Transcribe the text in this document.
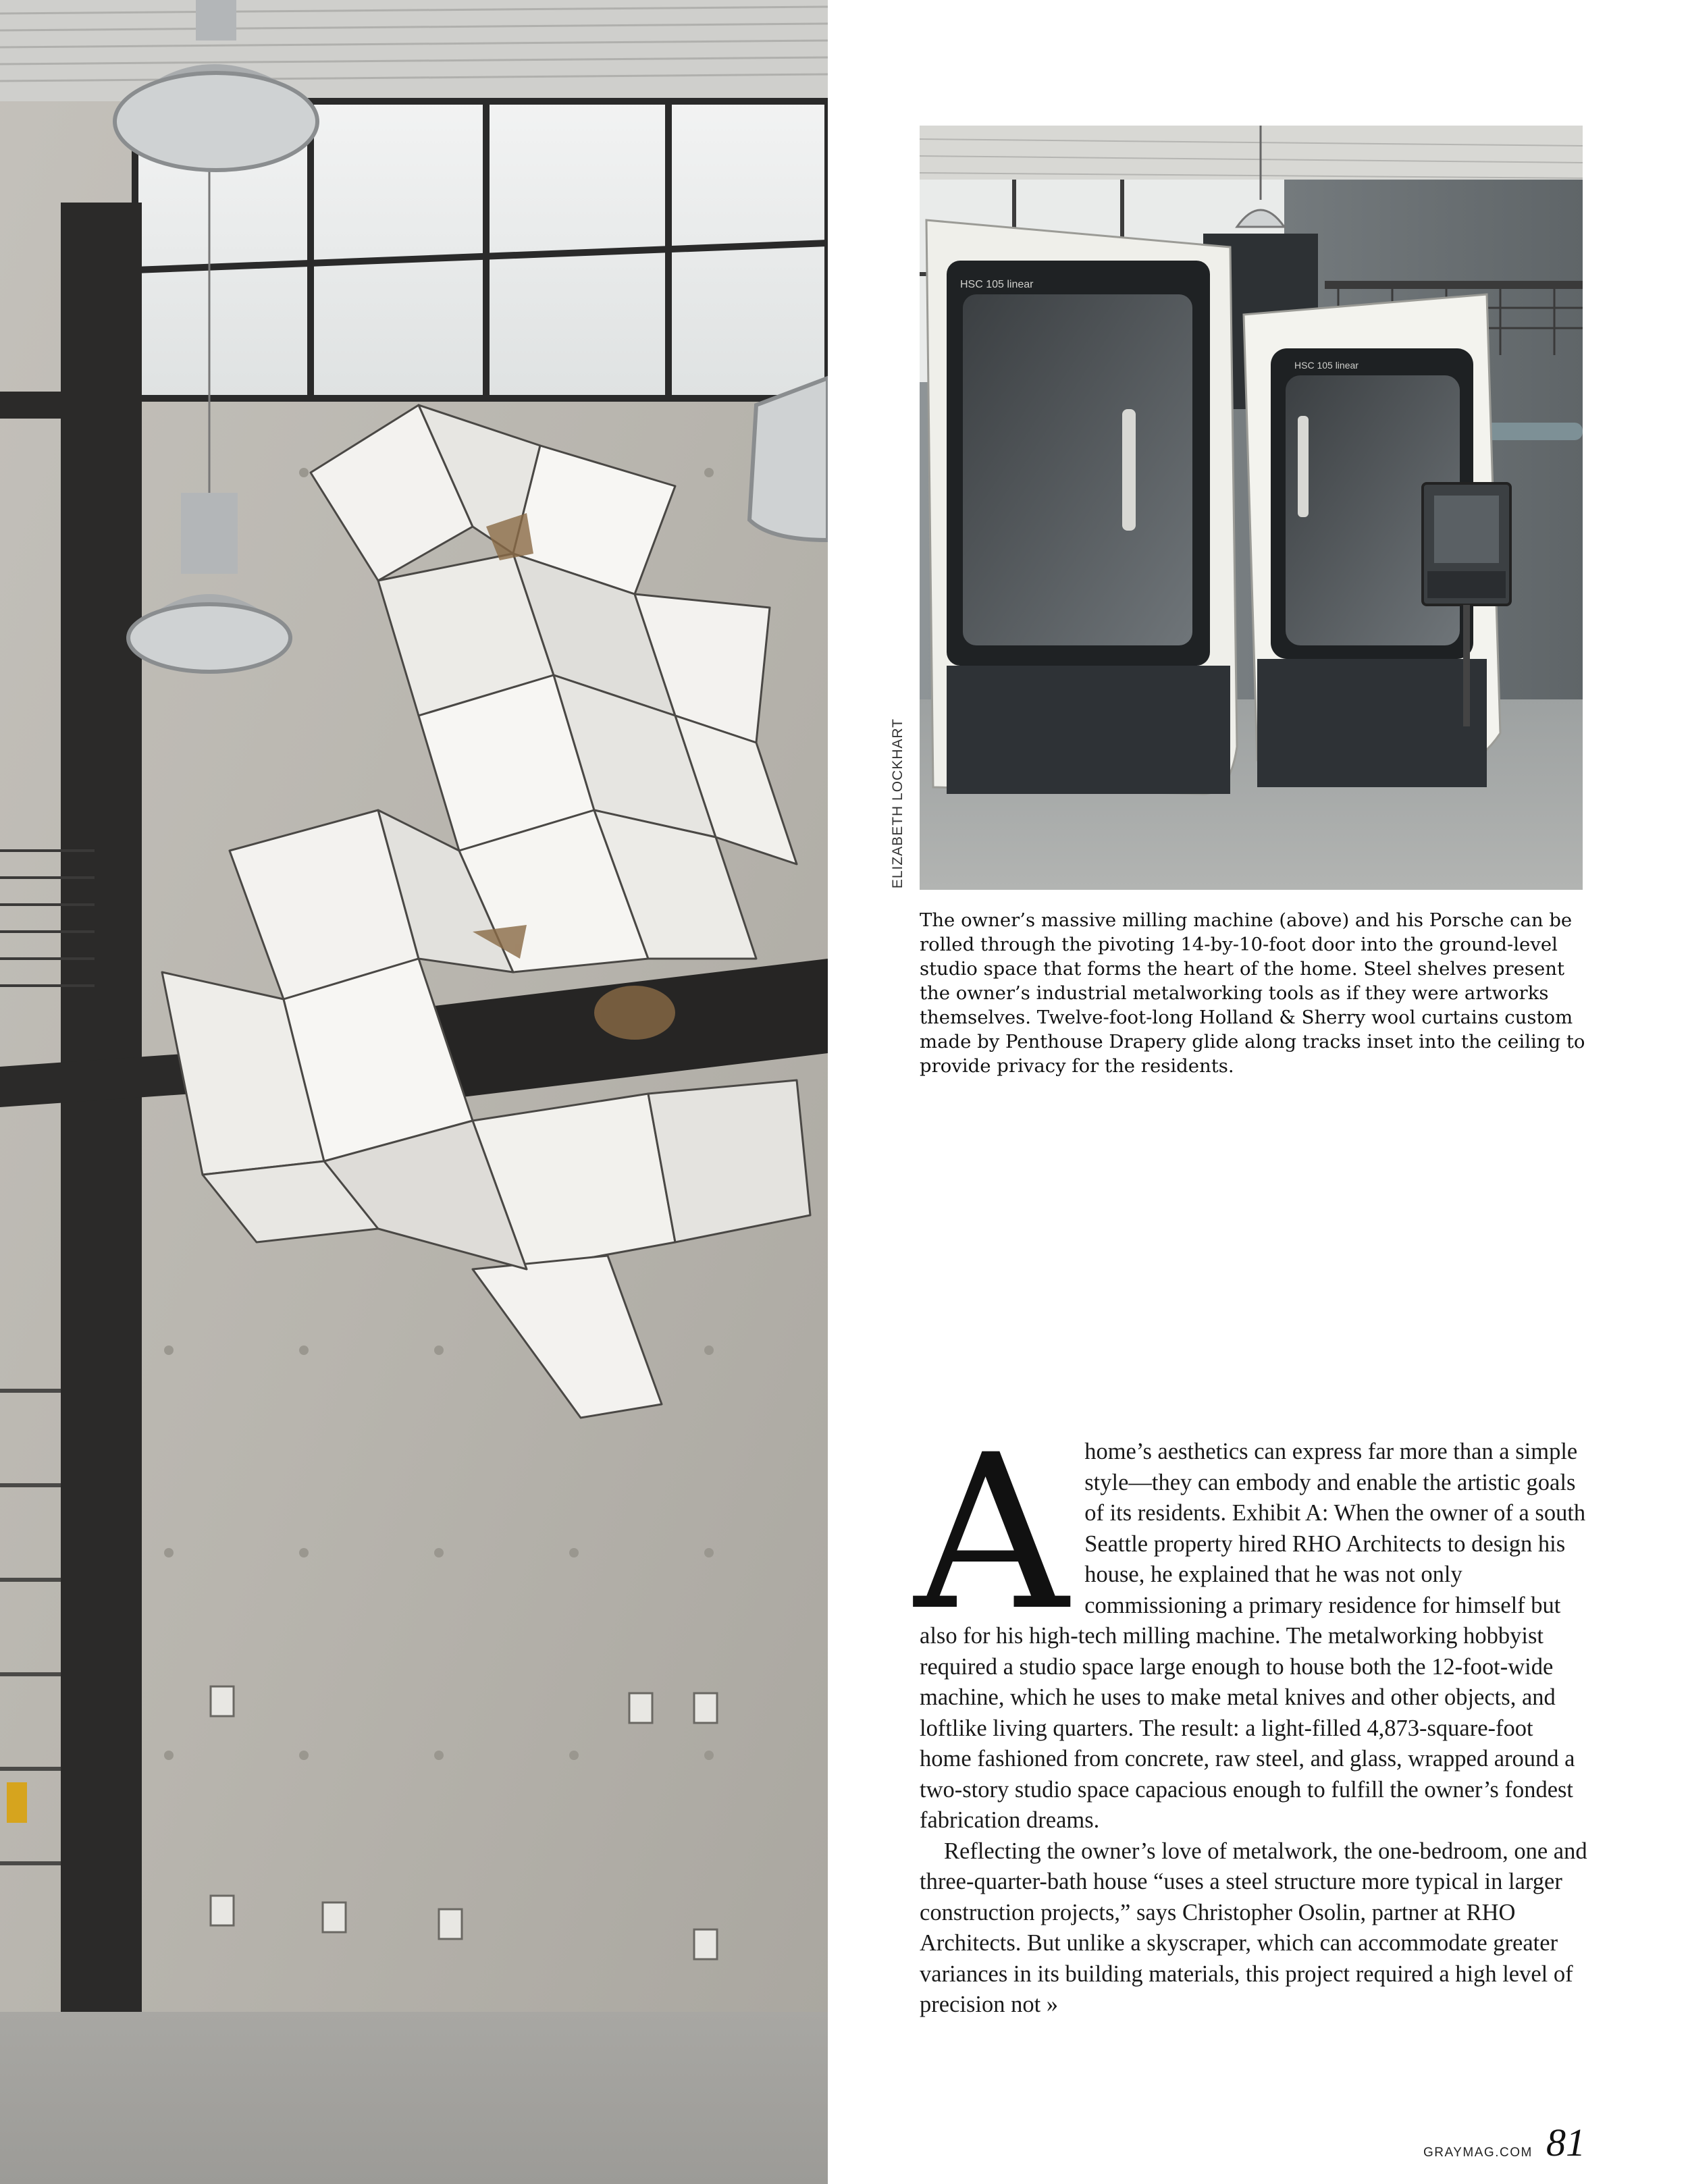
HSC 105 linear
HSC 105 linear
ELIZABETH LOCKHART

The owner’s massive milling machine (above) and his Porsche can be rolled through the pivoting 14-by-10-foot door into the ground-level studio space that forms the heart of the home. Steel shelves present the owner’s industrial metalworking tools as if they were artworks themselves. Twelve-foot-long Holland & Sherry wool curtains custom made by Penthouse Drapery glide along tracks inset into the ceiling to provide privacy for the residents.

Ahome’s aesthetics can express far more than a simple style—they can embody and enable the artistic goals of its residents. Exhibit A: When the owner of a south Seattle property hired RHO Architects to design his house, he explained that he was not only commissioning a primary residence for himself but also for his high-tech milling machine. The metalworking hobbyist required a studio space large enough to house both the 12-foot-wide machine, which he uses to make metal knives and other objects, and loftlike living quarters. The result: a light-filled 4,873-square-foot home fashioned from concrete, raw steel, and glass, wrapped around a two-story studio space capacious enough to fulfill the owner’s fondest fabrication dreams.

Reflecting the owner’s love of metalwork, the one-bedroom, one and three-quarter-bath house “uses a steel structure more typical in larger construction projects,” says Christopher Osolin, partner at RHO Architects. But unlike a skyscraper, which can accommodate greater variances in its building materials, this project required a high level of precision not »

GRAYMAG.COM 81
